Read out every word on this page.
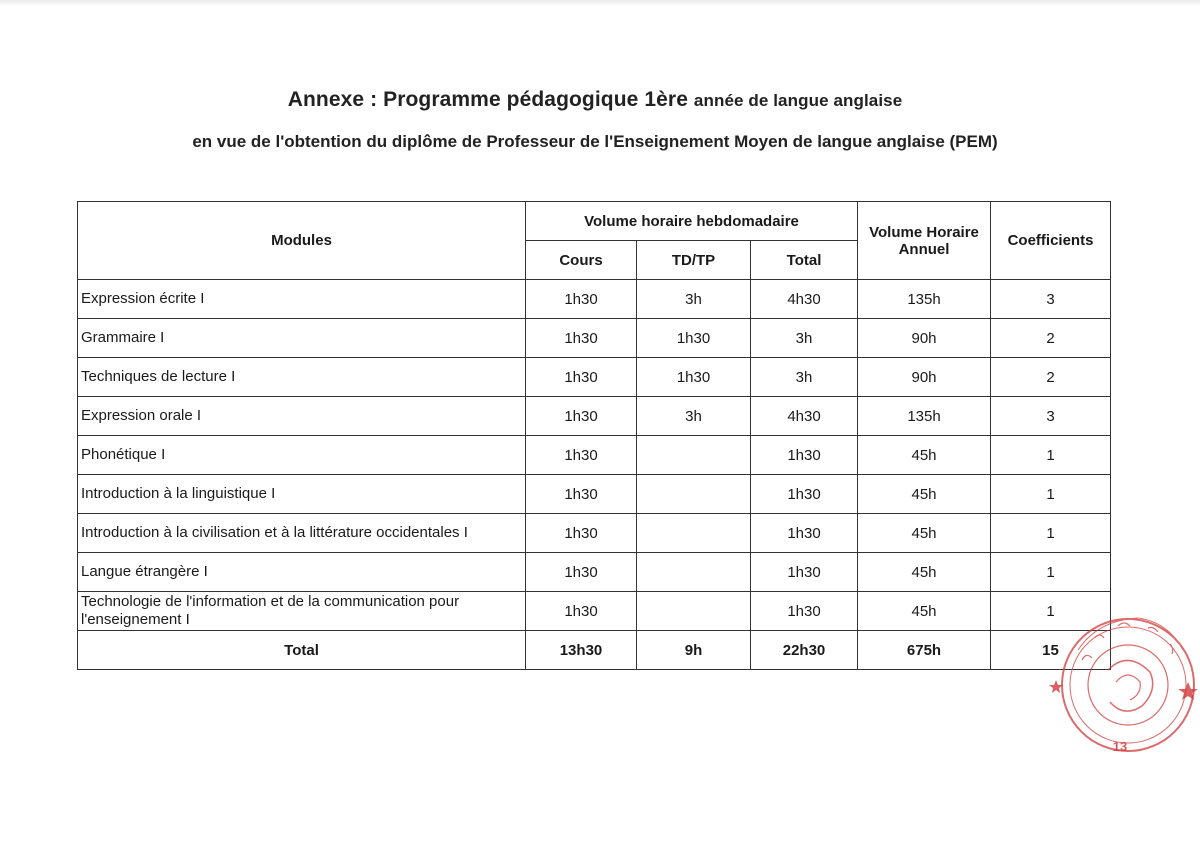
Annexe : Programme pédagogique 1ère année de langue anglaise
en vue de l'obtention du diplôme de Professeur de l'Enseignement Moyen de langue anglaise (PEM)
Modules	Volume horaire hebdomadaire			Volume Horaire Annuel	Coefficients
	Cours	TD/TP	Total		
Expression écrite I	1h30	3h	4h30	135h	3
Grammaire I	1h30	1h30	3h	90h	2
Techniques de lecture I	1h30	1h30	3h	90h	2
Expression orale I	1h30	3h	4h30	135h	3
Phonétique I	1h30		1h30	45h	1
Introduction à la linguistique I	1h30		1h30	45h	1
Introduction à la civilisation et à la littérature occidentales I	1h30		1h30	45h	1
Langue étrangère I	1h30		1h30	45h	1
Technologie de l'information et de la communication pour l'enseignement I	1h30		1h30	45h	1
Total	13h30	9h	22h30	675h	15
13
